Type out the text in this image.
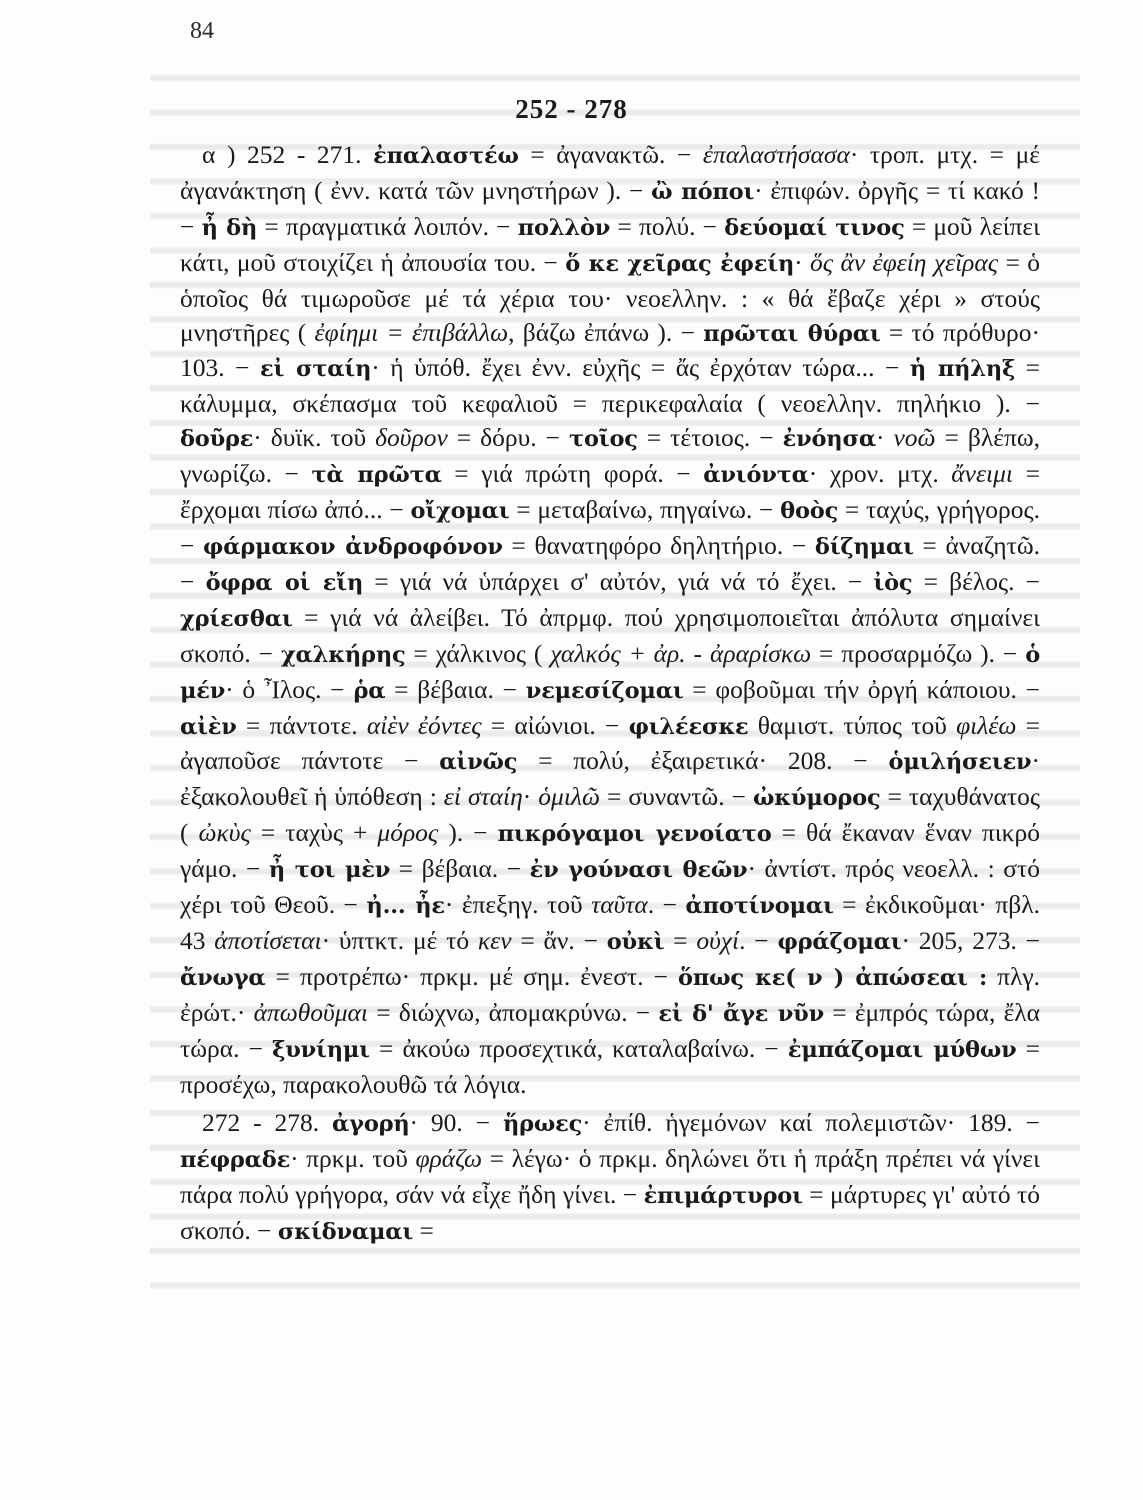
84
252 - 278

α ) 252 - 271. ἐπαλαστέω = ἀγανακτῶ. − ἐπαλαστήσασα· τροπ. μτχ. = μέ ἀγανάκτηση ( ἐνν. κατά τῶν μνηστήρων ). − ὢ πόποι· ἐπιφών. ὀργῆς = τί κακό ! − ἦ δὴ = πραγματικά λοιπόν. − πολλὸν = πολύ. − δεύομαί τινος = μοῦ λείπει κάτι, μοῦ στοιχίζει ἡ ἀπουσία του. − ὅ κε χεῖρας ἐφείη· ὅς ἂν ἐφείη χεῖρας = ὁ ὁποῖος θά τιμωροῦσε μέ τά χέρια του· νεοελλην. : « θά ἔβαζε χέρι » στούς μνηστῆρες ( ἐφίημι = ἐπιβάλλω, βάζω ἐπάνω ). − πρῶται θύραι = τό πρόθυρο· 103. − εἰ σταίη· ἡ ὑπόθ. ἔχει ἐνν. εὐχῆς = ἄς ἐρχόταν τώρα... − ἡ πήληξ = κάλυμμα, σκέπασμα τοῦ κεφαλιοῦ = περικεφαλαία ( νεοελλην. πηλήκιο ). − δοῦρε· δυϊκ. τοῦ δοῦρον = δόρυ. − τοῖος = τέτοιος. − ἐνόησα· νοῶ = βλέπω, γνωρίζω. − τὰ πρῶτα = γιά πρώτη φορά. − ἀνιόντα· χρον. μτχ. ἄνειμι = ἔρχομαι πίσω ἀπό... − οἴχομαι = μεταβαίνω, πηγαίνω. − θοὸς = ταχύς, γρήγορος. − φάρμακον ἀνδροφόνον = θανατηφόρο δηλητήριο. − δίζημαι = ἀναζητῶ. − ὄφρα οἱ εἴη = γιά νά ὑπάρχει σ' αὐτόν, γιά νά τό ἔχει. − ἰὸς = βέλος. − χρίεσθαι = γιά νά ἀλείβει. Τό ἀπρμφ. πού χρησιμοποιεῖται ἀπόλυτα σημαίνει σκοπό. − χαλκήρης = χάλκινος ( χαλκός + ἀρ. - ἀραρίσκω = προσαρμόζω ). − ὁ μέν· ὁ Ἶλος. − ῥα = βέβαια. − νεμεσίζομαι = φοβοῦμαι τήν ὀργή κάποιου. − αἰὲν = πάντοτε. αἰὲν ἐόντες = αἰώνιοι. − φιλέεσκε θαμιστ. τύπος τοῦ φιλέω = ἀγαποῦσε πάντοτε − αἰνῶς = πολύ, ἐξαιρετικά· 208. − ὁμιλήσειεν· ἐξακολουθεῖ ἡ ὑπόθεση : εἰ σταίη· ὁμιλῶ = συναντῶ. − ὠκύμορος = ταχυθάνατος ( ὠκὺς = ταχὺς + μόρος ). − πικρόγαμοι γενοίατο = θά ἔκαναν ἕναν πικρό γάμο. − ἦ τοι μὲν = βέβαια. − ἐν γούνασι θεῶν· ἀντίστ. πρός νεοελλ. : στό χέρι τοῦ Θεοῦ. − ἠ... ἦε· ἐπεξηγ. τοῦ ταῦτα. − ἀποτίνομαι = ἐκδικοῦμαι· πβλ. 43 ἀποτίσεται· ὑπτκτ. μέ τό κεν = ἄν. − οὐκὶ = οὐχί. − φράζομαι· 205, 273. − ἄνωγα = προτρέπω· πρκμ. μέ σημ. ἐνεστ. − ὅπως κε( ν ) ἀπώσεαι : πλγ. ἐρώτ.· ἀπωθοῦμαι = διώχνω, ἀπομακρύνω. − εἰ δ' ἄγε νῦν = ἐμπρός τώρα, ἔλα τώρα. − ξυνίημι = ἀκούω προσεχτικά, καταλαβαίνω. − ἐμπάζομαι μύθων = προσέχω, παρακολουθῶ τά λόγια.

272 - 278. ἀγορή· 90. − ἥρωες· ἐπίθ. ἡγεμόνων καί πολεμιστῶν· 189. − πέφραδε· πρκμ. τοῦ φράζω = λέγω· ὁ πρκμ. δηλώνει ὅτι ἡ πράξη πρέπει νά γίνει πάρα πολύ γρήγορα, σάν νά εἶχε ἤδη γίνει. − ἐπιμάρτυροι = μάρτυρες γι' αὐτό τό σκοπό. − σκίδναμαι =
